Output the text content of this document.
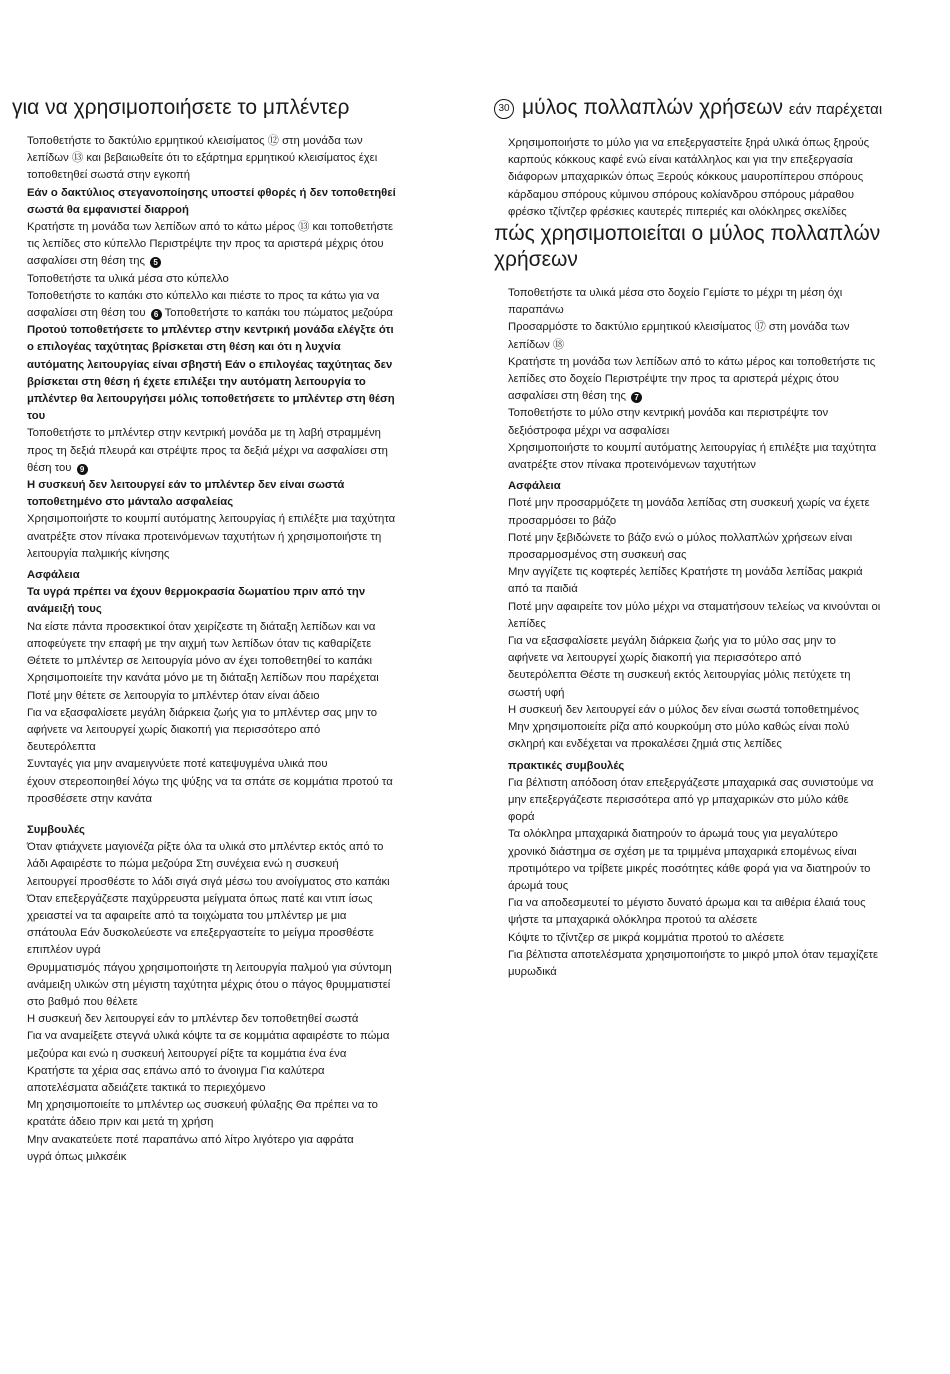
για να χρησιμοποιήσετε το μπλέντερ

Τοποθετήστε το δακτύλιο ερμητικού κλεισίματος ⑫ στη μονάδα των

λεπίδων ⑬ και βεβαιωθείτε ότι το εξάρτημα ερμητικού κλεισίματος έχει

τοποθετηθεί σωστά στην εγκοπή

Εάν ο δακτύλιος στεγανοποίησης υποστεί φθορές ή δεν τοποθετηθεί

σωστά θα εμφανιστεί διαρροή

Κρατήστε τη μονάδα των λεπίδων από το κάτω μέρος ⑬ και τοποθετήστε

τις λεπίδες στο κύπελλο Περιστρέψτε την προς τα αριστερά μέχρις ότου

ασφαλίσει στη θέση της 5

Τοποθετήστε τα υλικά μέσα στο κύπελλο

Τοποθετήστε το καπάκι στο κύπελλο και πιέστε το προς τα κάτω για να

ασφαλίσει στη θέση του 6 Τοποθετήστε το καπάκι του πώματος μεζούρα

Προτού τοποθετήσετε το μπλέντερ στην κεντρική μονάδα ελέγξτε ότι

ο επιλογέας ταχύτητας βρίσκεται στη θέση και ότι η λυχνία

αυτόματης λειτουργίας είναι σβηστή Εάν ο επιλογέας ταχύτητας δεν

βρίσκεται στη θέση ή έχετε επιλέξει την αυτόματη λειτουργία το

μπλέντερ θα λειτουργήσει μόλις τοποθετήσετε το μπλέντερ στη θέση

του

Τοποθετήστε το μπλέντερ στην κεντρική μονάδα με τη λαβή στραμμένη

προς τη δεξιά πλευρά και στρέψτε προς τα δεξιά μέχρι να ασφαλίσει στη

θέση του 9

Η συσκευή δεν λειτουργεί εάν το μπλέντερ δεν είναι σωστά

τοποθετημένο στο μάνταλο ασφαλείας

Χρησιμοποιήστε το κουμπί αυτόματης λειτουργίας ή επιλέξτε μια ταχύτητα

ανατρέξτε στον πίνακα προτεινόμενων ταχυτήτων ή χρησιμοποιήστε τη

λειτουργία παλμικής κίνησης

Ασφάλεια

Τα υγρά πρέπει να έχουν θερμοκρασία δωματίου πριν από την

ανάμειξή τους

Να είστε πάντα προσεκτικοί όταν χειρίζεστε τη διάταξη λεπίδων και να

αποφεύγετε την επαφή με την αιχμή των λεπίδων όταν τις καθαρίζετε

Θέτετε το μπλέντερ σε λειτουργία μόνο αν έχει τοποθετηθεί το καπάκι

Χρησιμοποιείτε την κανάτα μόνο με τη διάταξη λεπίδων που παρέχεται

Ποτέ μην θέτετε σε λειτουργία το μπλέντερ όταν είναι άδειο

Για να εξασφαλίσετε μεγάλη διάρκεια ζωής για το μπλέντερ σας μην το

αφήνετε να λειτουργεί χωρίς διακοπή για περισσότερο από

δευτερόλεπτα

Συνταγές για μην αναμειγνύετε ποτέ κατεψυγμένα υλικά που

έχουν στερεοποιηθεί λόγω της ψύξης να τα σπάτε σε κομμάτια προτού τα

προσθέσετε στην κανάτα

Συμβουλές

Όταν φτιάχνετε μαγιονέζα ρίξτε όλα τα υλικά στο μπλέντερ εκτός από το

λάδι Αφαιρέστε το πώμα μεζούρα Στη συνέχεια ενώ η συσκευή

λειτουργεί προσθέστε το λάδι σιγά σιγά μέσω του ανοίγματος στο καπάκι

Όταν επεξεργάζεστε παχύρρευστα μείγματα όπως πατέ και ντιπ ίσως

χρειαστεί να τα αφαιρείτε από τα τοιχώματα του μπλέντερ με μια

σπάτουλα Εάν δυσκολεύεστε να επεξεργαστείτε το μείγμα προσθέστε

επιπλέον υγρά

Θρυμματισμός πάγου χρησιμοποιήστε τη λειτουργία παλμού για σύντομη

ανάμειξη υλικών στη μέγιστη ταχύτητα μέχρις ότου ο πάγος θρυμματιστεί

στο βαθμό που θέλετε

Η συσκευή δεν λειτουργεί εάν το μπλέντερ δεν τοποθετηθεί σωστά

Για να αναμείξετε στεγνά υλικά κόψτε τα σε κομμάτια αφαιρέστε το πώμα

μεζούρα και ενώ η συσκευή λειτουργεί ρίξτε τα κομμάτια ένα ένα

Κρατήστε τα χέρια σας επάνω από το άνοιγμα Για καλύτερα

αποτελέσματα αδειάζετε τακτικά το περιεχόμενο

Μη χρησιμοποιείτε το μπλέντερ ως συσκευή φύλαξης Θα πρέπει να το

κρατάτε άδειο πριν και μετά τη χρήση

Μην ανακατεύετε ποτέ παραπάνω από λίτρο λιγότερο για αφράτα

υγρά όπως μιλκσέικ

30 μύλος πολλαπλών χρήσεων εάν παρέχεται

Χρησιμοποιήστε το μύλο για να επεξεργαστείτε ξηρά υλικά όπως ξηρούς

καρπούς κόκκους καφέ ενώ είναι κατάλληλος και για την επεξεργασία

διάφορων μπαχαρικών όπως Ξερούς κόκκους μαυροπίπερου σπόρους

κάρδαμου σπόρους κύμινου σπόρους κολίανδρου σπόρους μάραθου

φρέσκο τζίντζερ φρέσκιες καυτερές πιπεριές και ολόκληρες σκελίδες

πώς χρησιμοποιείται ο μύλος πολλαπλών χρήσεων

Τοποθετήστε τα υλικά μέσα στο δοχείο Γεμίστε το μέχρι τη μέση όχι

παραπάνω

Προσαρμόστε το δακτύλιο ερμητικού κλεισίματος ⑰ στη μονάδα των

λεπίδων ⑱

Κρατήστε τη μονάδα των λεπίδων από το κάτω μέρος και τοποθετήστε τις

λεπίδες στο δοχείο Περιστρέψτε την προς τα αριστερά μέχρις ότου

ασφαλίσει στη θέση της 7

Τοποθετήστε το μύλο στην κεντρική μονάδα και περιστρέψτε τον

δεξιόστροφα μέχρι να ασφαλίσει

Χρησιμοποιήστε το κουμπί αυτόματης λειτουργίας ή επιλέξτε μια ταχύτητα

ανατρέξτε στον πίνακα προτεινόμενων ταχυτήτων

Ασφάλεια

Ποτέ μην προσαρμόζετε τη μονάδα λεπίδας στη συσκευή χωρίς να έχετε

προσαρμόσει το βάζο

Ποτέ μην ξεβιδώνετε το βάζο ενώ ο μύλος πολλαπλών χρήσεων είναι

προσαρμοσμένος στη συσκευή σας

Μην αγγίζετε τις κοφτερές λεπίδες Κρατήστε τη μονάδα λεπίδας μακριά

από τα παιδιά

Ποτέ μην αφαιρείτε τον μύλο μέχρι να σταματήσουν τελείως να κινούνται οι

λεπίδες

Για να εξασφαλίσετε μεγάλη διάρκεια ζωής για το μύλο σας μην το

αφήνετε να λειτουργεί χωρίς διακοπή για περισσότερο από

δευτερόλεπτα Θέστε τη συσκευή εκτός λειτουργίας μόλις πετύχετε τη

σωστή υφή

Η συσκευή δεν λειτουργεί εάν ο μύλος δεν είναι σωστά τοποθετημένος

Μην χρησιμοποιείτε ρίζα από κουρκούμη στο μύλο καθώς είναι πολύ

σκληρή και ενδέχεται να προκαλέσει ζημιά στις λεπίδες

πρακτικές συμβουλές

Για βέλτιστη απόδοση όταν επεξεργάζεστε μπαχαρικά σας συνιστούμε να

μην επεξεργάζεστε περισσότερα από γρ μπαχαρικών στο μύλο κάθε

φορά

Τα ολόκληρα μπαχαρικά διατηρούν το άρωμά τους για μεγαλύτερο

χρονικό διάστημα σε σχέση με τα τριμμένα μπαχαρικά επομένως είναι

προτιμότερο να τρίβετε μικρές ποσότητες κάθε φορά για να διατηρούν το

άρωμά τους

Για να αποδεσμευτεί το μέγιστο δυνατό άρωμα και τα αιθέρια έλαιά τους

ψήστε τα μπαχαρικά ολόκληρα προτού τα αλέσετε

Κόψτε το τζίντζερ σε μικρά κομμάτια προτού το αλέσετε

Για βέλτιστα αποτελέσματα χρησιμοποιήστε το μικρό μπολ όταν τεμαχίζετε

μυρωδικά
